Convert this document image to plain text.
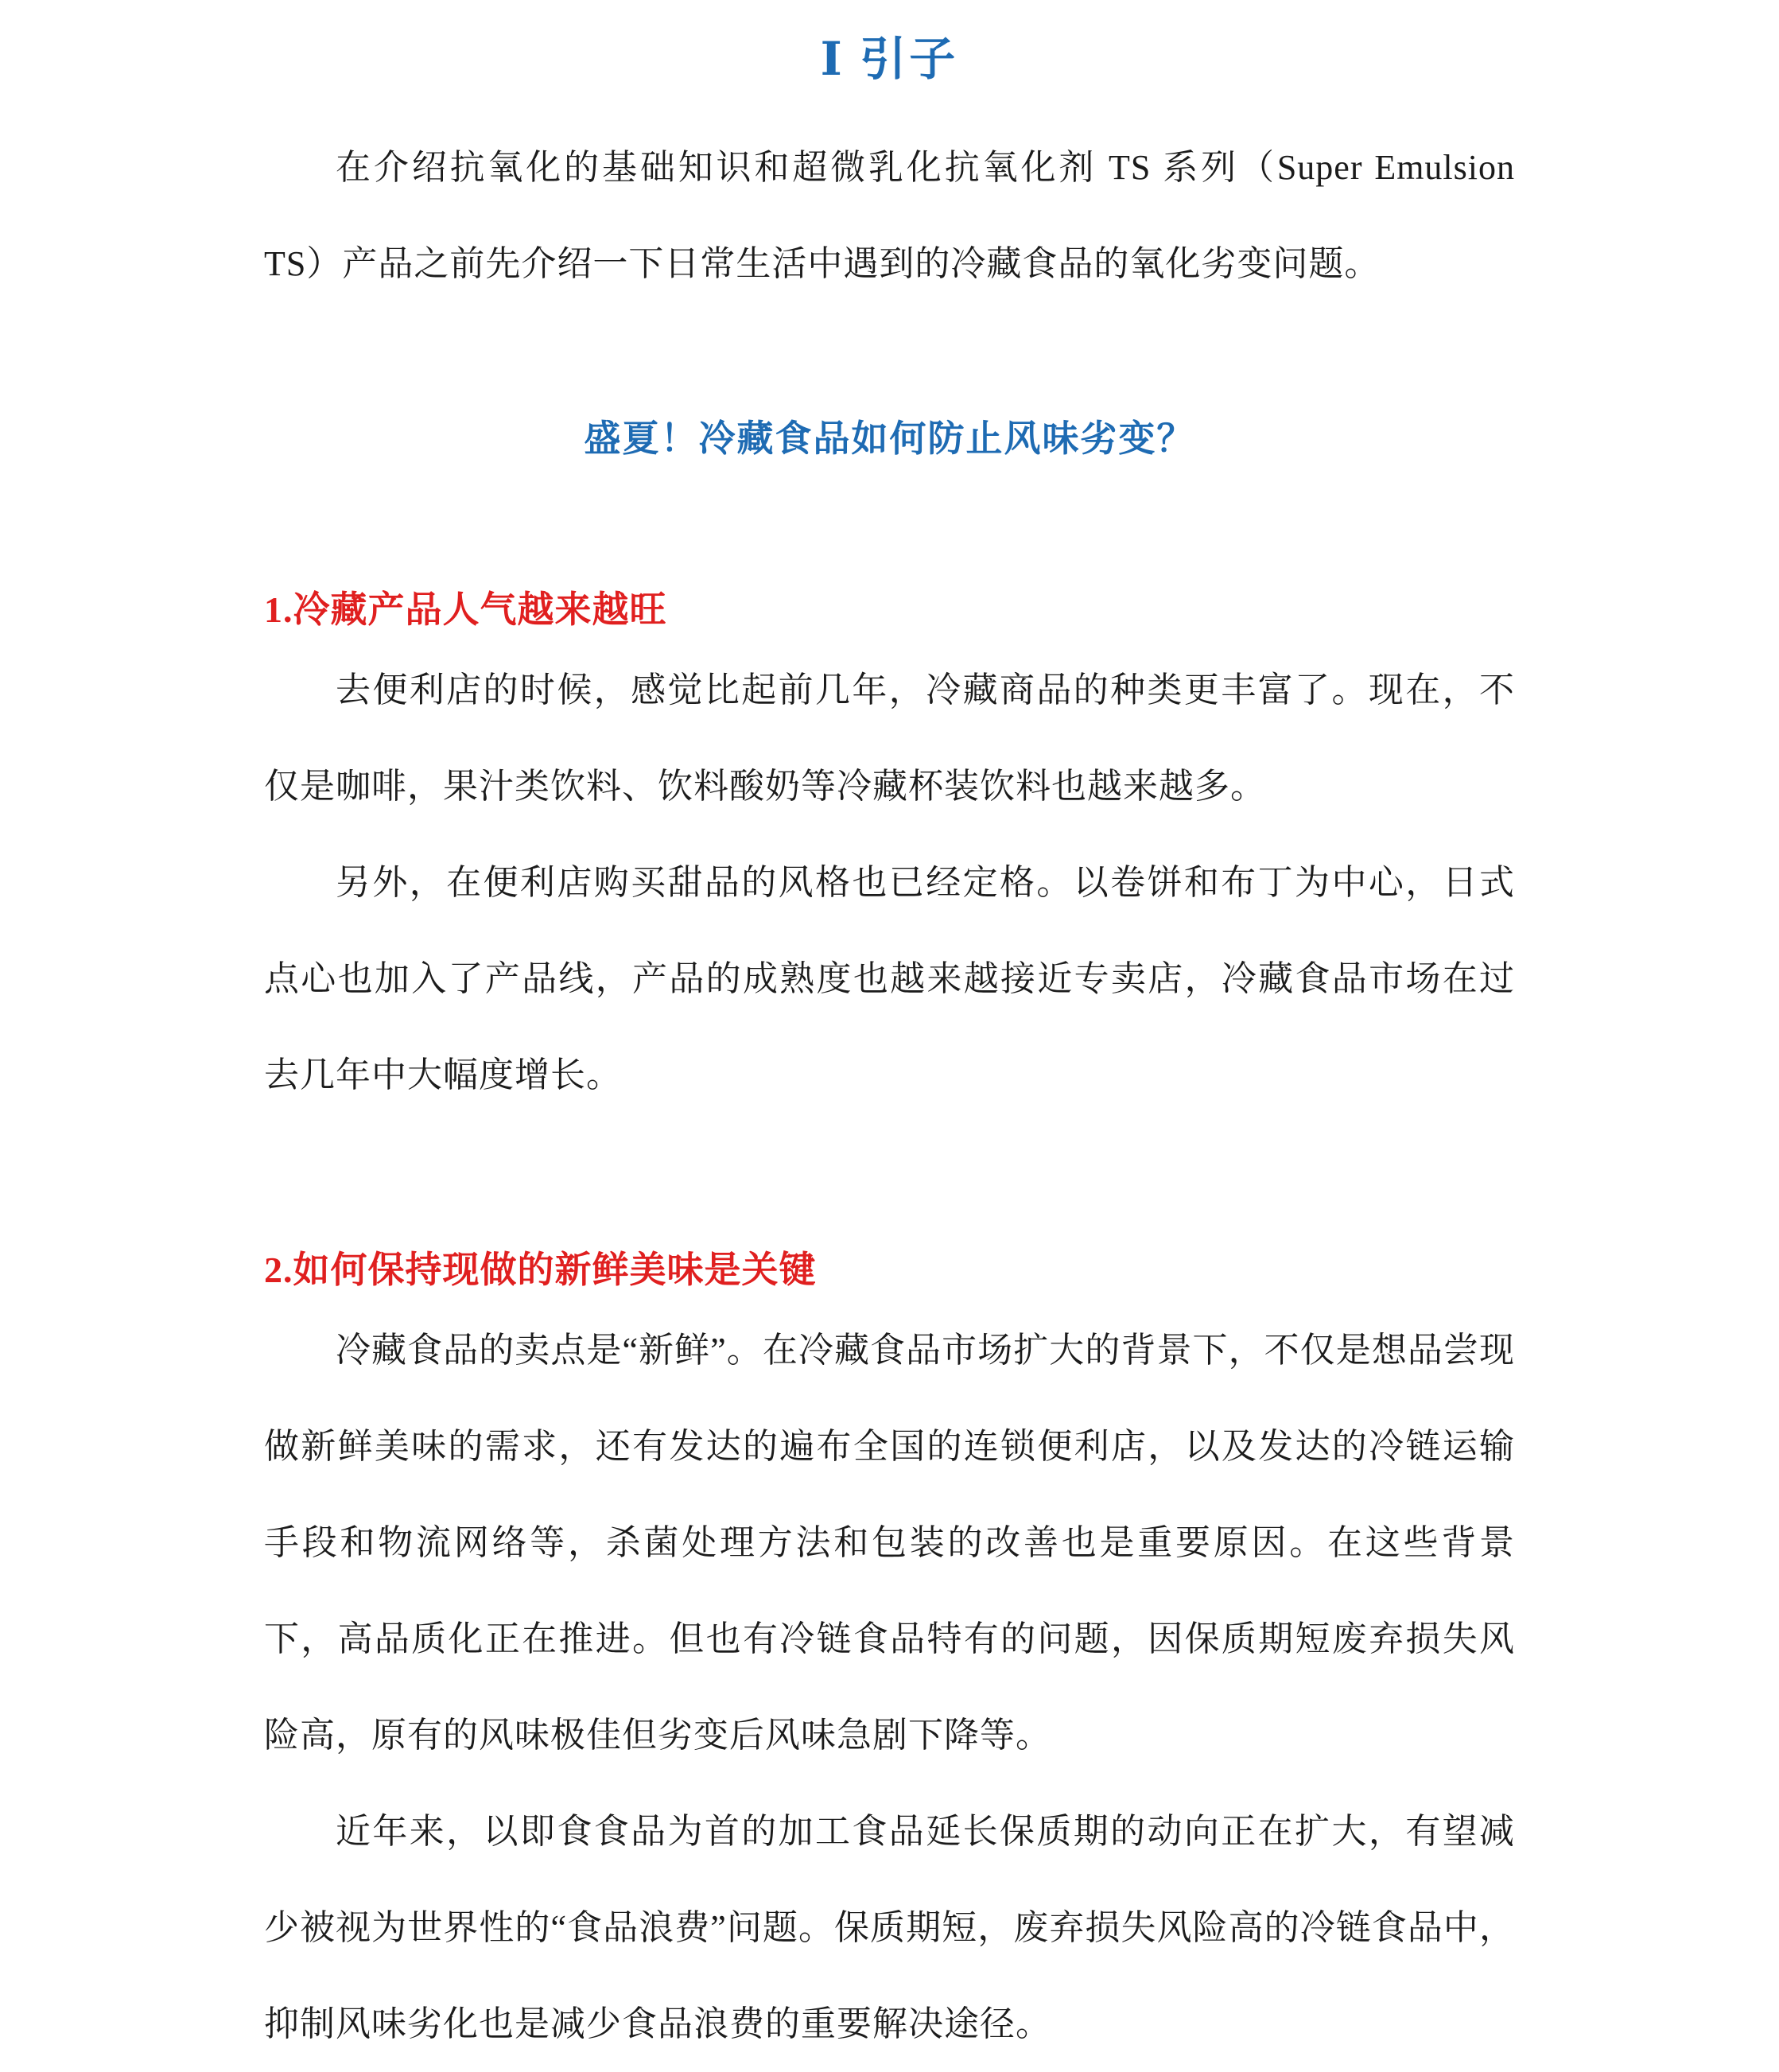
Ⅰ 引子

在介绍抗氧化的基础知识和超微乳化抗氧化剂 TS 系列（Super Emulsion TS）产品之前先介绍一下日常生活中遇到的冷藏食品的氧化劣变问题。

盛夏！冷藏食品如何防止风味劣变？
1.冷藏产品人气越来越旺

去便利店的时候，感觉比起前几年，冷藏商品的种类更丰富了。现在，不仅是咖啡，果汁类饮料、饮料酸奶等冷藏杯装饮料也越来越多。

另外，在便利店购买甜品的风格也已经定格。以卷饼和布丁为中心，日式点心也加入了产品线，产品的成熟度也越来越接近专卖店，冷藏食品市场在过去几年中大幅度增长。

2.如何保持现做的新鲜美味是关键

冷藏食品的卖点是“新鲜”。在冷藏食品市场扩大的背景下，不仅是想品尝现做新鲜美味的需求，还有发达的遍布全国的连锁便利店，以及发达的冷链运输手段和物流网络等，杀菌处理方法和包装的改善也是重要原因。在这些背景下，高品质化正在推进。但也有冷链食品特有的问题，因保质期短废弃损失风险高，原有的风味极佳但劣变后风味急剧下降等。

近年来，以即食食品为首的加工食品延长保质期的动向正在扩大，有望减少被视为世界性的“食品浪费”问题。保质期短，废弃损失风险高的冷链食品中，抑制风味劣化也是减少食品浪费的重要解决途径。
